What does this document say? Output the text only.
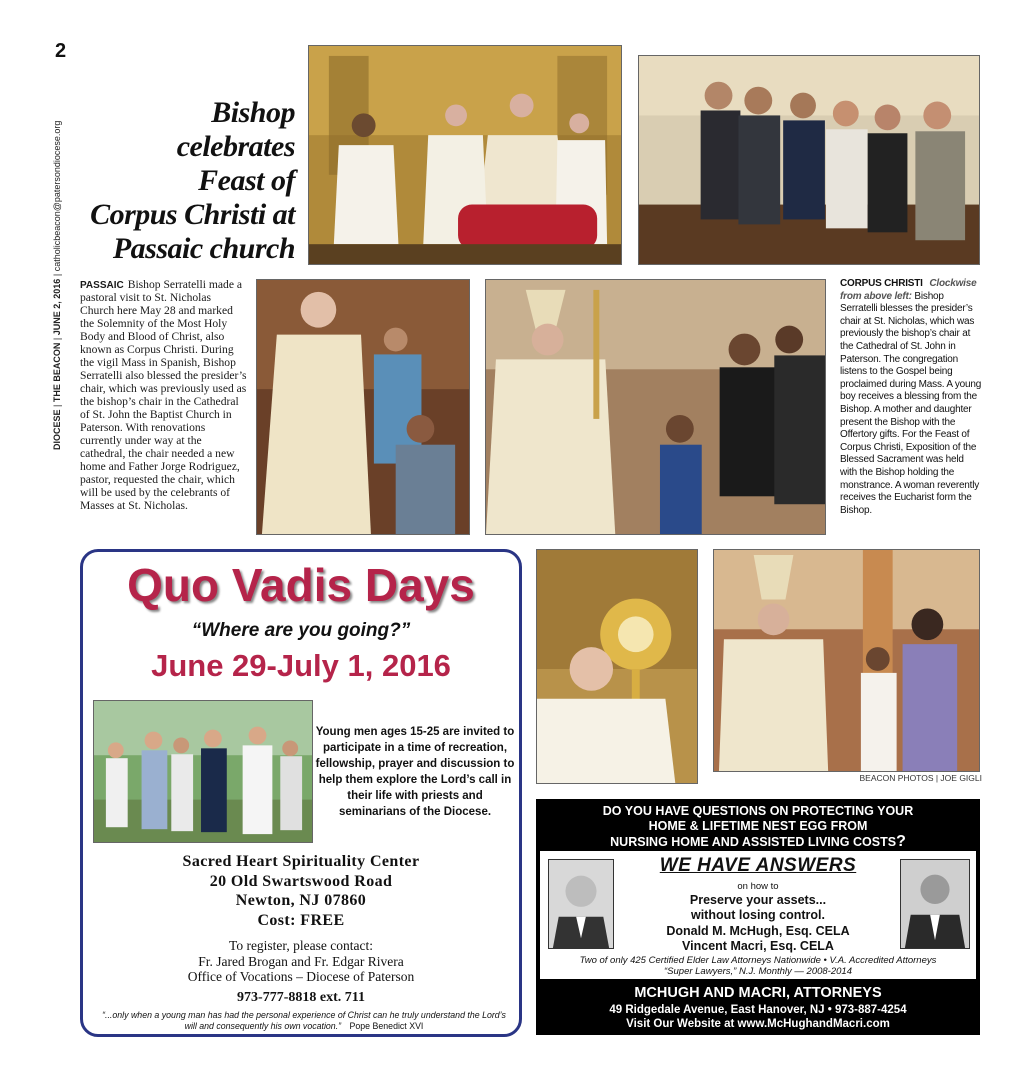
2
DIOCESE | THE BEACON | JUNE 2, 2016 | catholicbeacon@patersondiocese.org
Bishop
celebrates
Feast of
Corpus Christi at
Passaic church
PASSAIC Bishop Serratelli made a pastoral visit to St. Nicholas Church here May 28 and marked the Solemnity of the Most Holy Body and Blood of Christ, also known as Corpus Christi. During the vigil Mass in Spanish, Bishop Serratelli also blessed the presider’s chair, which was previously used as the bishop’s chair in the Cathedral of St. John the Baptist Church in Paterson. With renovations currently under way at the cathedral, the chair needed a new home and Father Jorge Rodriguez, pastor, requested the chair, which will be used by the celebrants of Masses at St. Nicholas.
CORPUS CHRISTI Clockwise from above left: Bishop Serratelli blesses the presider’s chair at St. Nicholas, which was previously the bishop’s chair at the Cathedral of St. John in Paterson. The congregation listens to the Gospel being proclaimed during Mass. A young boy receives a blessing from the Bishop. A mother and daughter present the Bishop with the Offertory gifts. For the Feast of Corpus Christi, Exposition of the Blessed Sacrament was held with the Bishop holding the monstrance. A woman reverently receives the Eucharist form the Bishop.
BEACON PHOTOS | JOE GIGLI
Quo Vadis Days
“Where are you going?”
June 29-July 1, 2016
Young men ages 15-25 are invited to participate in a time of recreation, fellowship, prayer and discussion to help them explore the Lord’s call in their life with priests and seminarians of the Diocese.
Sacred Heart Spirituality Center
20 Old Swartswood Road
Newton, NJ 07860
Cost: FREE
To register, please contact:
Fr. Jared Brogan and Fr. Edgar Rivera
Office of Vocations – Diocese of Paterson
973-777-8818 ext. 711
“...only when a young man has had the personal experience of Christ can he truly understand the Lord’s will and consequently his own vocation.” Pope Benedict XVI
DO YOU HAVE QUESTIONS ON PROTECTING YOUR
HOME & LIFETIME NEST EGG FROM
NURSING HOME AND ASSISTED LIVING COSTS?
WE HAVE ANSWERS
on how to
Preserve your assets...
without losing control.
Donald M. McHugh, Esq. CELA
Vincent Macri, Esq. CELA
Two of only 425 Certified Elder Law Attorneys Nationwide • V.A. Accredited Attorneys
“Super Lawyers,” N.J. Monthly — 2008-2014
MCHUGH AND MACRI, ATTORNEYS
49 Ridgedale Avenue, East Hanover, NJ • 973-887-4254
Visit Our Website at www.McHughandMacri.com
